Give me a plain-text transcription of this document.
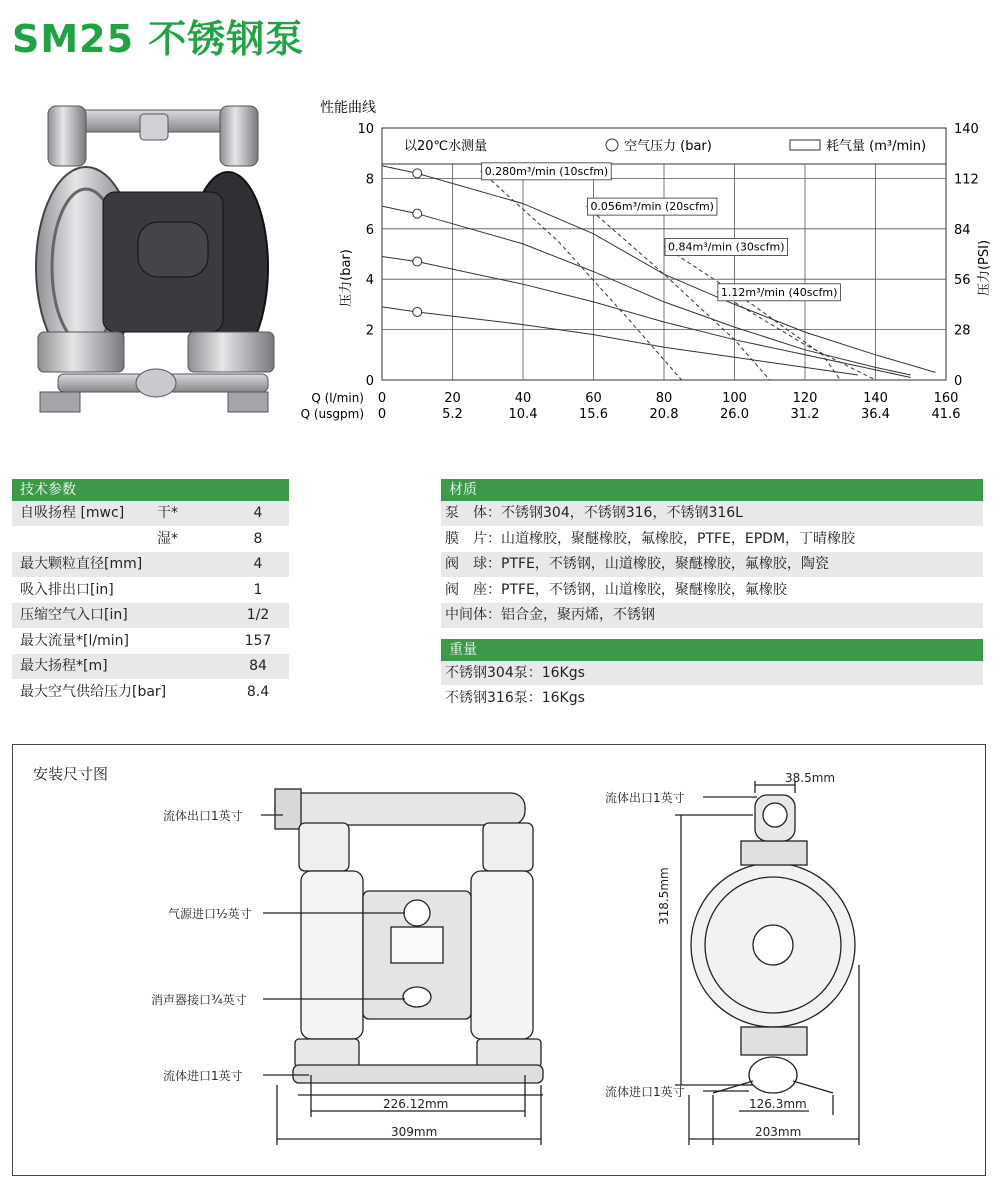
SM25 不锈钢泵
性能曲线
以20℃水测量	空气压力 (bar)	耗气量 (m³/min)
0
0
20
5.2
40
10.4
60
15.6
80
20.8
100
26.0
120
31.2
140
36.4
160
41.6
0	0
2	28
4	56
6	84
8	112
10	140
Q (l/min)
Q (usgpm)
压力(bar)	压力(PSI)
0.280m³/min (10scfm)
0.056m³/min (20scfm)
0.84m³/min (30scfm)
1.12m³/min (40scfm)
技术参数
自吸扬程 [mwc] 干*	4
湿*	8
最大颗粒直径[mm]	4
吸入排出口[in]	1
压缩空气入口[in]	1/2
最大流量*[l/min]	157
最大扬程*[m]	84
最大空气供给压力[bar]	8.4
材质
泵　体：不锈钢304，不锈钢316，不锈钢316L
膜　片：山道橡胶，聚醚橡胶，氟橡胶，PTFE，EPDM，丁晴橡胶
阀　球：PTFE，不锈钢，山道橡胶，聚醚橡胶，氟橡胶，陶瓷
阀　座：PTFE，不锈钢，山道橡胶，聚醚橡胶，氟橡胶
中间体：铝合金，聚丙烯，不锈钢
重量
不锈钢304泵：16Kgs
不锈钢316泵：16Kgs
安装尺寸图
流体出口1英寸
气源进口½英寸
消声器接口¾英寸
流体进口1英寸
226.12mm
309mm
流体出口1英寸
流体进口1英寸
38.5mm
318.5mm
126.3mm
203mm
